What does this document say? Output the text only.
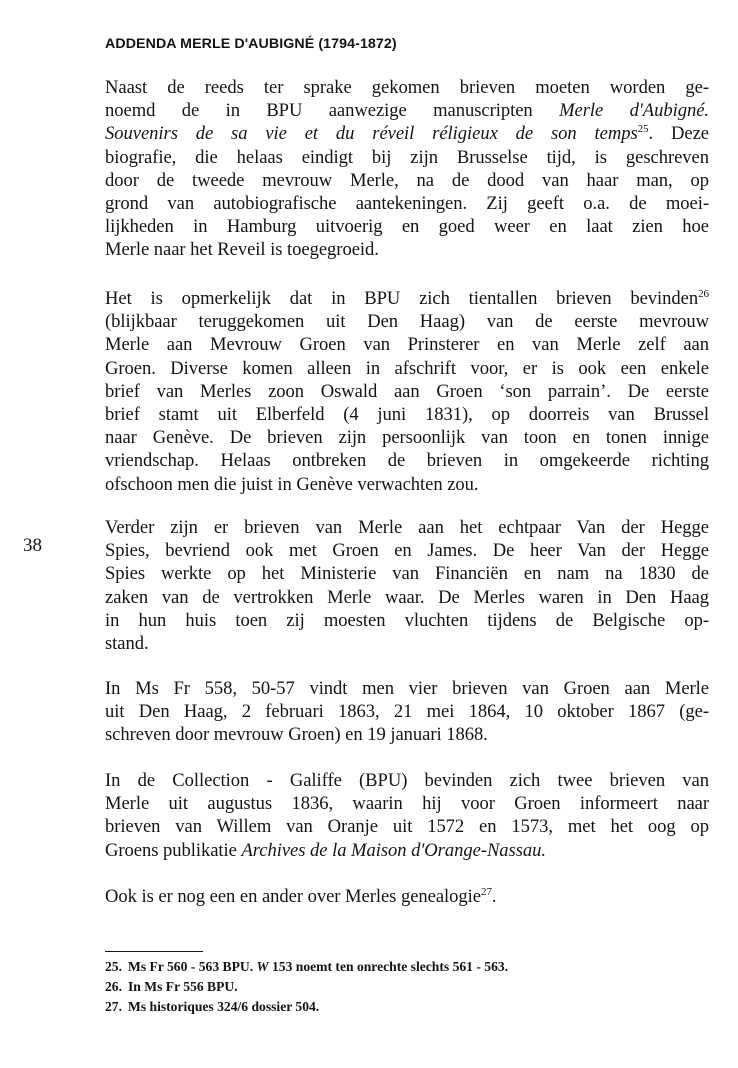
ADDENDA MERLE D'AUBIGNÉ (1794-1872)
38
Naast de reeds ter sprake gekomen brieven moeten worden ge-
noemd de in BPU aanwezige manuscripten Merle d'Aubigné.
Souvenirs de sa vie et du réveil réligieux de son temps$^{25}$. Deze
biografie, die helaas eindigt bij zijn Brusselse tijd, is geschreven
door de tweede mevrouw Merle, na de dood van haar man, op
grond van autobiografische aantekeningen. Zij geeft o.a. de moei-
lijkheden in Hamburg uitvoerig en goed weer en laat zien hoe
Merle naar het Reveil is toegegroeid.
Het is opmerkelijk dat in BPU zich tientallen brieven bevinden$^{26}$
(blijkbaar teruggekomen uit Den Haag) van de eerste mevrouw
Merle aan Mevrouw Groen van Prinsterer en van Merle zelf aan
Groen. Diverse komen alleen in afschrift voor, er is ook een enkele
brief van Merles zoon Oswald aan Groen ‘son parrain’. De eerste
brief stamt uit Elberfeld (4 juni 1831), op doorreis van Brussel
naar Genève. De brieven zijn persoonlijk van toon en tonen innige
vriendschap. Helaas ontbreken de brieven in omgekeerde richting
ofschoon men die juist in Genève verwachten zou.
Verder zijn er brieven van Merle aan het echtpaar Van der Hegge
Spies, bevriend ook met Groen en James. De heer Van der Hegge
Spies werkte op het Ministerie van Financiën en nam na 1830 de
zaken van de vertrokken Merle waar. De Merles waren in Den Haag
in hun huis toen zij moesten vluchten tijdens de Belgische op-
stand.
In Ms Fr 558, 50-57 vindt men vier brieven van Groen aan Merle
uit Den Haag, 2 februari 1863, 21 mei 1864, 10 oktober 1867 (ge-
schreven door mevrouw Groen) en 19 januari 1868.
In de Collection - Galiffe (BPU) bevinden zich twee brieven van
Merle uit augustus 1836, waarin hij voor Groen informeert naar
brieven van Willem van Oranje uit 1572 en 1573, met het oog op
Groens publikatie Archives de la Maison d'Orange-Nassau.
Ook is er nog een en ander over Merles genealogie$^{27}$.
25. Ms Fr 560 - 563 BPU. W 153 noemt ten onrechte slechts 561 - 563.
26. In Ms Fr 556 BPU.
27. Ms historiques 324/6 dossier 504.
